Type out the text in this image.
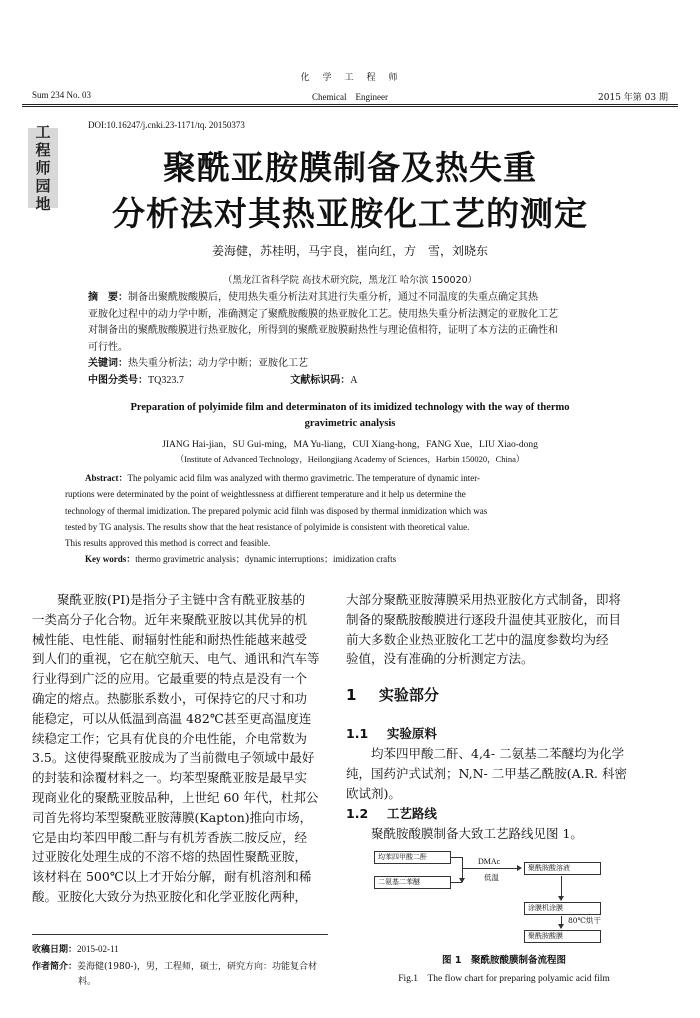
化　学　工　程　师
Sum 234 No. 03	Chemical　Engineer	2015 年第 03 期
工
程
师
园
地
DOI:10.16247/j.cnki.23-1171/tq. 20150373
聚酰亚胺膜制备及热失重
分析法对其热亚胺化工艺的测定
姜海健，苏桂明，马宇良，崔向红，方　雪，刘晓东
（黑龙江省科学院 高技术研究院，黑龙江 哈尔滨 150020）
摘　要：制备出聚酰胺酸膜后，使用热失重分析法对其进行失重分析，通过不同温度的失重点确定其热
亚胺化过程中的动力学中断，准确测定了聚酰胺酸膜的热亚胺化工艺。使用热失重分析法测定的亚胺化工艺
对制备出的聚酰胺酸膜进行热亚胺化，所得到的聚酰亚胺膜耐热性与理论值相符，证明了本方法的正确性和
可行性。
关键词：热失重分析法；动力学中断；亚胺化工艺
中图分类号：TQ323.7	文献标识码：A
Preparation of polyimide film and determinaton of its imidized technology with the way of thermo
gravimetric analysis
JIANG Hai-jian，SU Gui-ming，MA Yu-liang，CUI Xiang-hong，FANG Xue，LIU Xiao-dong
（Institute of Advanced Technology，Heilongjiang Academy of Sciences，Harbin 150020，China）
Abstract：The polyamic acid film was analyzed with thermo gravimetric. The temperature of dynamic inter-
ruptions were determinated by the point of weightlessness at diffierent temperature and it help us determine the
technology of thermal imidization. The prepared polymic acid filnh was disposed by thermal inmidization which was
tested by TG analysis. The results show that the heat resistance of polyimide is consistent with theoretical value.
This results approved this method is correct and feasible.
Key words：thermo gravimetric analysis；dynamic interruptions；imidization crafts
　　聚酰亚胺(PI)是指分子主链中含有酰亚胺基的
一类高分子化合物。近年来聚酰亚胺以其优异的机
械性能、电性能、耐辐射性能和耐热性能越来越受
到人们的重视，它在航空航天、电气、通讯和汽车等
行业得到广泛的应用。它最重要的特点是没有一个
确定的熔点。热膨胀系数小，可保持它的尺寸和功
能稳定，可以从低温到高温 482℃甚至更高温度连
续稳定工作；它具有优良的介电性能，介电常数为
3.5。这使得聚酰亚胺成为了当前微电子领域中最好
的封装和涂覆材料之一。均苯型聚酰亚胺是最早实
现商业化的聚酰亚胺品种，上世纪 60 年代，杜邦公
司首先将均苯型聚酰亚胺薄膜(Kapton)推向市场，
它是由均苯四甲酸二酐与有机芳香族二胺反应，经
过亚胺化处理生成的不溶不熔的热固性聚酰亚胺，
该材料在 500℃以上才开始分解，耐有机溶剂和稀
酸。亚胺化大致分为热亚胺化和化学亚胺化两种，
大部分聚酰亚胺薄膜采用热亚胺化方式制备，即将
制备的聚酰胺酸膜进行逐段升温使其亚胺化，而目
前大多数企业热亚胺化工艺中的温度参数均为经
验值，没有准确的分析测定方法。
1 实验部分
1.1 实验原料
　　均苯四甲酸二酐、4,4- 二氨基二苯醚均为化学
纯，国药沪式试剂；N,N- 二甲基乙酰胺(A.R. 科密
欧试剂)。
1.2 工艺路线
　　聚酰胺酸膜制备大致工艺路线见图 1。
均苯四甲酸二酐
二氨基二苯醚
聚酰胺酸溶液
涂膜机涂膜
聚酰胺酸膜
DMAc
低温
80℃烘干
图 1　聚酰胺酸膜制备流程图
Fig.1　The flow chart for preparing polyamic acid film
收稿日期：2015-02-11
作者简介：姜海健(1980-)，男，工程师，硕士，研究方向：功能复合材
料。
